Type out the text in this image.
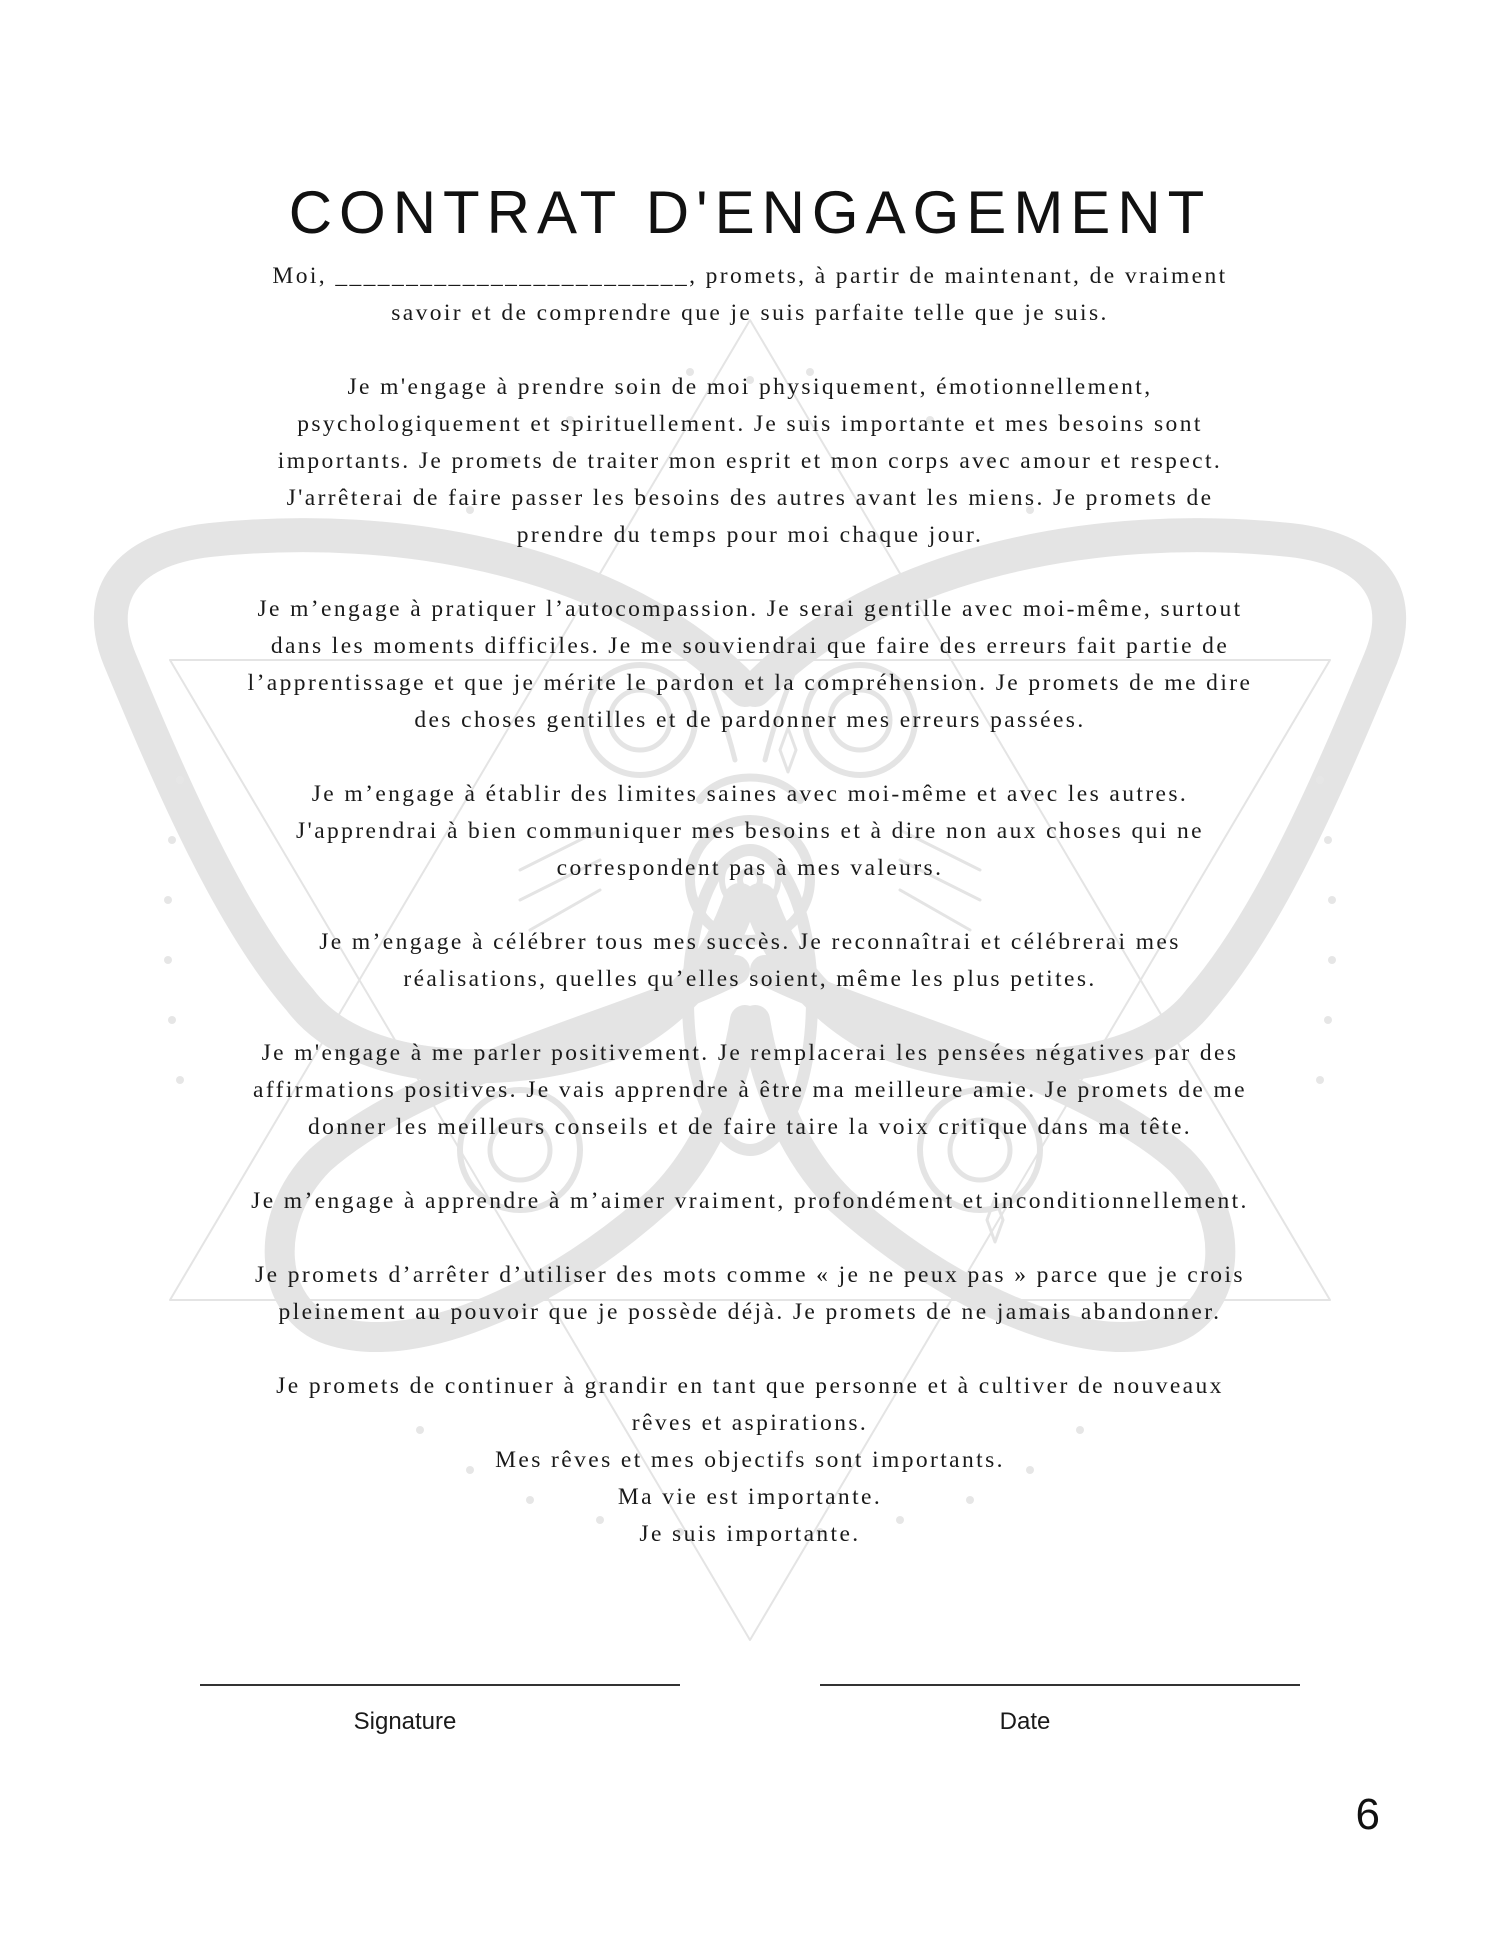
CONTRAT D'ENGAGEMENT

Moi, _________________________, promets, à partir de maintenant, de vraiment
savoir et de comprendre que je suis parfaite telle que je suis.

Je m'engage à prendre soin de moi physiquement, émotionnellement,
psychologiquement et spirituellement. Je suis importante et mes besoins sont
importants. Je promets de traiter mon esprit et mon corps avec amour et respect.
J'arrêterai de faire passer les besoins des autres avant les miens. Je promets de
prendre du temps pour moi chaque jour.

Je m’engage à pratiquer l’autocompassion. Je serai gentille avec moi-même, surtout
dans les moments difficiles. Je me souviendrai que faire des erreurs fait partie de
l’apprentissage et que je mérite le pardon et la compréhension. Je promets de me dire
des choses gentilles et de pardonner mes erreurs passées.

Je m’engage à établir des limites saines avec moi-même et avec les autres.
J'apprendrai à bien communiquer mes besoins et à dire non aux choses qui ne
correspondent pas à mes valeurs.

Je m’engage à célébrer tous mes succès. Je reconnaîtrai et célébrerai mes
réalisations, quelles qu’elles soient, même les plus petites.

Je m'engage à me parler positivement. Je remplacerai les pensées négatives par des
affirmations positives. Je vais apprendre à être ma meilleure amie. Je promets de me
donner les meilleurs conseils et de faire taire la voix critique dans ma tête.

Je m’engage à apprendre à m’aimer vraiment, profondément et inconditionnellement.

Je promets d’arrêter d’utiliser des mots comme « je ne peux pas » parce que je crois
pleinement au pouvoir que je possède déjà. Je promets de ne jamais abandonner.

Je promets de continuer à grandir en tant que personne et à cultiver de nouveaux
rêves et aspirations.
Mes rêves et mes objectifs sont importants.
Ma vie est importante.
Je suis importante.

Signature	Date
6
